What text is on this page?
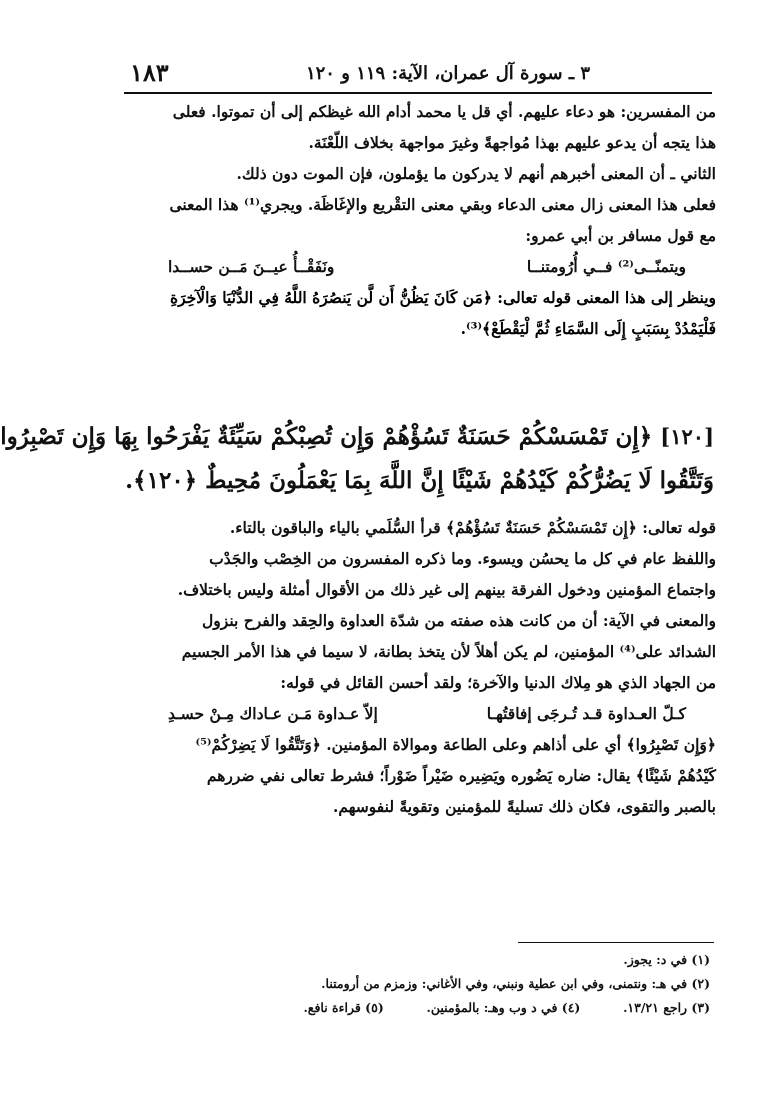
٣ ـ سورة آل عمران، الآية: ١١٩ و ١٢٠
١٨٣
من المفسرين: هو دعاء عليهم. أي قل يا محمد أدام الله غيظكم إلى أن تموتوا. فعلى
هذا يتجه أن يدعو عليهم بهذا مُواجهةً وغيرَ مواجهة بخلاف اللّعْنَة.
الثاني ـ أن المعنى أخبرهم أنهم لا يدركون ما يؤملون، فإن الموت دون ذلك.
فعلى هذا المعنى زال معنى الدعاء وبقي معنى التقْريع والإغَاظَة. ويجري⁽¹⁾ هذا المعنى
مع قول مسافر بن أبي عمرو:
ويتمنّــى⁽²⁾ فــي أُرُومتنــا
ونَفَقْــأُ عيــنَ مَــن حســدا
وينظر إلى هذا المعنى قوله تعالى: ﴿مَن كَانَ يَظُنُّ أَن لَّن يَنصُرَهُ اللَّهُ فِي الدُّنْيَا وَالْآخِرَةِ
فَلْيَمْدُدْ بِسَبَبٍ إِلَى السَّمَاءِ ثُمَّ لْيَقْطَعْ﴾⁽³⁾.
[١٢٠] ﴿إِن تَمْسَسْكُمْ حَسَنَةٌ تَسُؤْهُمْ وَإِن تُصِبْكُمْ سَيِّئَةٌ يَفْرَحُوا بِهَا وَإِن تَصْبِرُوا
وَتَتَّقُوا لَا يَضُرُّكُمْ كَيْدُهُمْ شَيْئًا إِنَّ اللَّهَ بِمَا يَعْمَلُونَ مُحِيطٌ ﴿١٢٠﴾.
قوله تعالى: ﴿إِن تَمْسَسْكُمْ حَسَنَةٌ تَسُؤْهُمْ﴾ قرأ السُّلَمي بالياء والباقون بالتاء.
واللفظ عام في كل ما يحسُن ويسوء. وما ذكره المفسرون من الخِصْب والجَدْب
واجتماع المؤمنين ودخول الفرقة بينهم إلى غير ذلك من الأقوال أمثلة وليس باختلاف.
والمعنى في الآية: أن من كانت هذه صفته من شدّة العداوة والحِقد والفرح بنزول
الشدائد على⁽⁴⁾ المؤمنين، لم يكن أهلاً لأن يتخذ بطانة، لا سيما في هذا الأمر الجسيم
من الجهاد الذي هو مِلاك الدنيا والآخرة؛ ولقد أحسن القائل في قوله:
كـلّ العـداوة قـد تُـرجَى إفاقتُهـا
إلاّ عـداوة مَـن عـاداك مِـنْ حسـدِ
﴿وَإِن تَصْبِرُوا﴾ أي على أذاهم وعلى الطاعة وموالاة المؤمنين. ﴿وَتَتَّقُوا لَا يَضِرْكُمْ⁽⁵⁾
كَيْدُهُمْ شَيْئًا﴾ يقال: ضاره يَضُوره ويَضِيره ضَيْراً ضَوْراً؛ فشرط تعالى نفي ضررهم
بالصبر والتقوى، فكان ذلك تسليةً للمؤمنين وتقويةً لنفوسهم.
(١) في د: يجوز.
(٢) في هـ: ونتمنى، وفي ابن عطية ونبني، وفي الأغاني: وزمزم من أرومتنا.
(٣) راجع ١٣/٢١.  (٤) في د وب وهـ: بالمؤمنين.  (٥) قراءة نافع.
